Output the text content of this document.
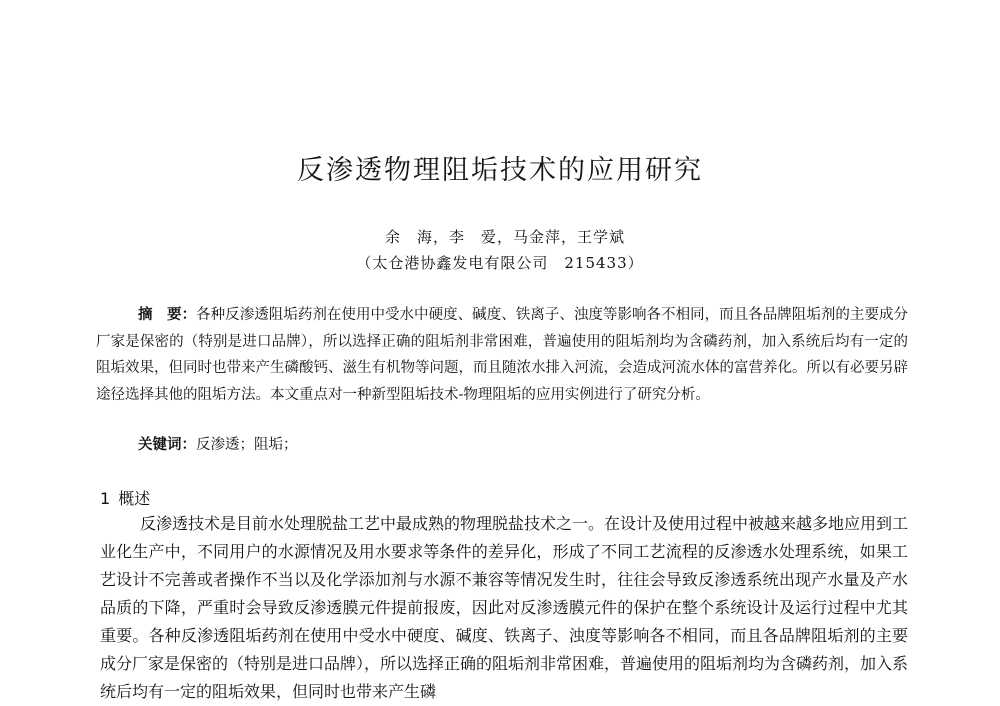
反渗透物理阻垢技术的应用研究
余　海，李　爱，马金萍，王学斌
（太仓港协鑫发电有限公司　215433）

摘　要：各种反渗透阻垢药剂在使用中受水中硬度、碱度、铁离子、浊度等影响各不相同，而且各品牌阻垢剂的主要成分厂家是保密的（特别是进口品牌），所以选择正确的阻垢剂非常困难，普遍使用的阻垢剂均为含磷药剂，加入系统后均有一定的阻垢效果，但同时也带来产生磷酸钙、滋生有机物等问题，而且随浓水排入河流，会造成河流水体的富营养化。所以有必要另辟途径选择其他的阻垢方法。本文重点对一种新型阻垢技术-物理阻垢的应用实例进行了研究分析。

关键词：反渗透；阻垢；

1 概述

反渗透技术是目前水处理脱盐工艺中最成熟的物理脱盐技术之一。在设计及使用过程中被越来越多地应用到工业化生产中，不同用户的水源情况及用水要求等条件的差异化，形成了不同工艺流程的反渗透水处理系统，如果工艺设计不完善或者操作不当以及化学添加剂与水源不兼容等情况发生时，往往会导致反渗透系统出现产水量及产水品质的下降，严重时会导致反渗透膜元件提前报废，因此对反渗透膜元件的保护在整个系统设计及运行过程中尤其重要。各种反渗透阻垢药剂在使用中受水中硬度、碱度、铁离子、浊度等影响各不相同，而且各品牌阻垢剂的主要成分厂家是保密的（特别是进口品牌），所以选择正确的阻垢剂非常困难，普遍使用的阻垢剂均为含磷药剂，加入系统后均有一定的阻垢效果，但同时也带来产生磷
